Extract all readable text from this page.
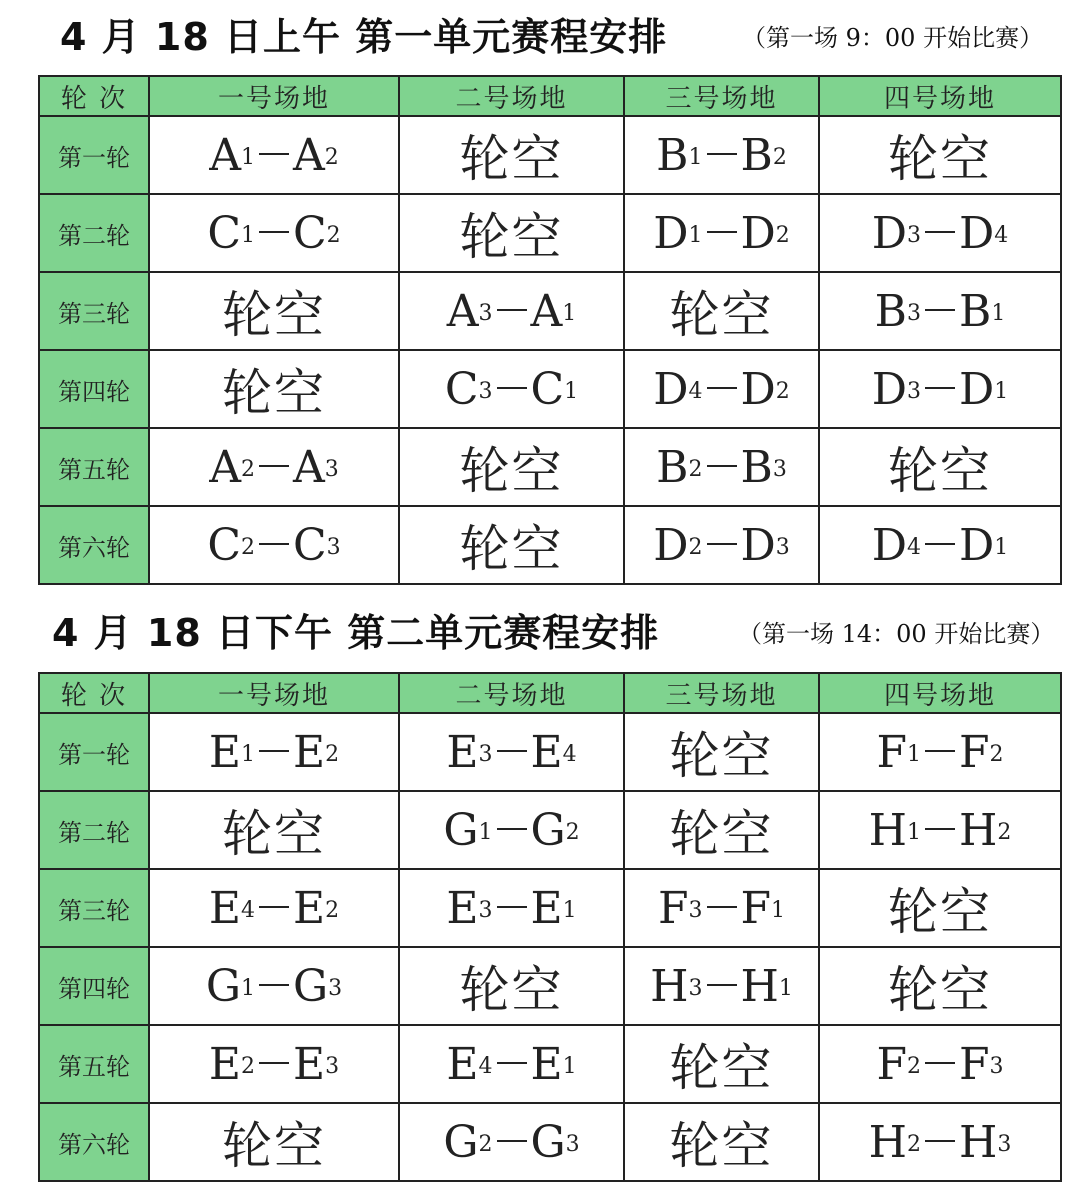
4 月 18 日上午 第一单元赛程安排	（第一场 9：00 开始比赛）
轮 次	一号场地	二号场地	三号场地	四号场地
第一轮	$A_1$ $A_2$	轮空	$B_1$ $B_2$	轮空
第二轮	$C_1$ $C_2$	轮空	$D_1$ $D_2$	$D_3$ $D_4$
第三轮	轮空	$A_3$ $A_1$	轮空	$B_3$ $B_1$
第四轮	轮空	$C_3$ $C_1$	$D_4$ $D_2$	$D_3$ $D_1$
第五轮	$A_2$ $A_3$	轮空	$B_2$ $B_3$	轮空
第六轮	$C_2$ $C_3$	轮空	$D_2$ $D_3$	$D_4$ $D_1$
4 月 18 日下午 第二单元赛程安排	（第一场 14：00 开始比赛）
轮 次	一号场地	二号场地	三号场地	四号场地
第一轮	$E_1$ $E_2$	$E_3$ $E_4$	轮空	$F_1$ $F_2$
第二轮	轮空	$G_1$ $G_2$	轮空	$H_1$ $H_2$
第三轮	$E_4$ $E_2$	$E_3$ $E_1$	$F_3$ $F_1$	轮空
第四轮	$G_1$ $G_3$	轮空	$H_3$ $H_1$	轮空
第五轮	$E_2$ $E_3$	$E_4$ $E_1$	轮空	$F_2$ $F_3$
第六轮	轮空	$G_2$ $G_3$	轮空	$H_2$ $H_3$
